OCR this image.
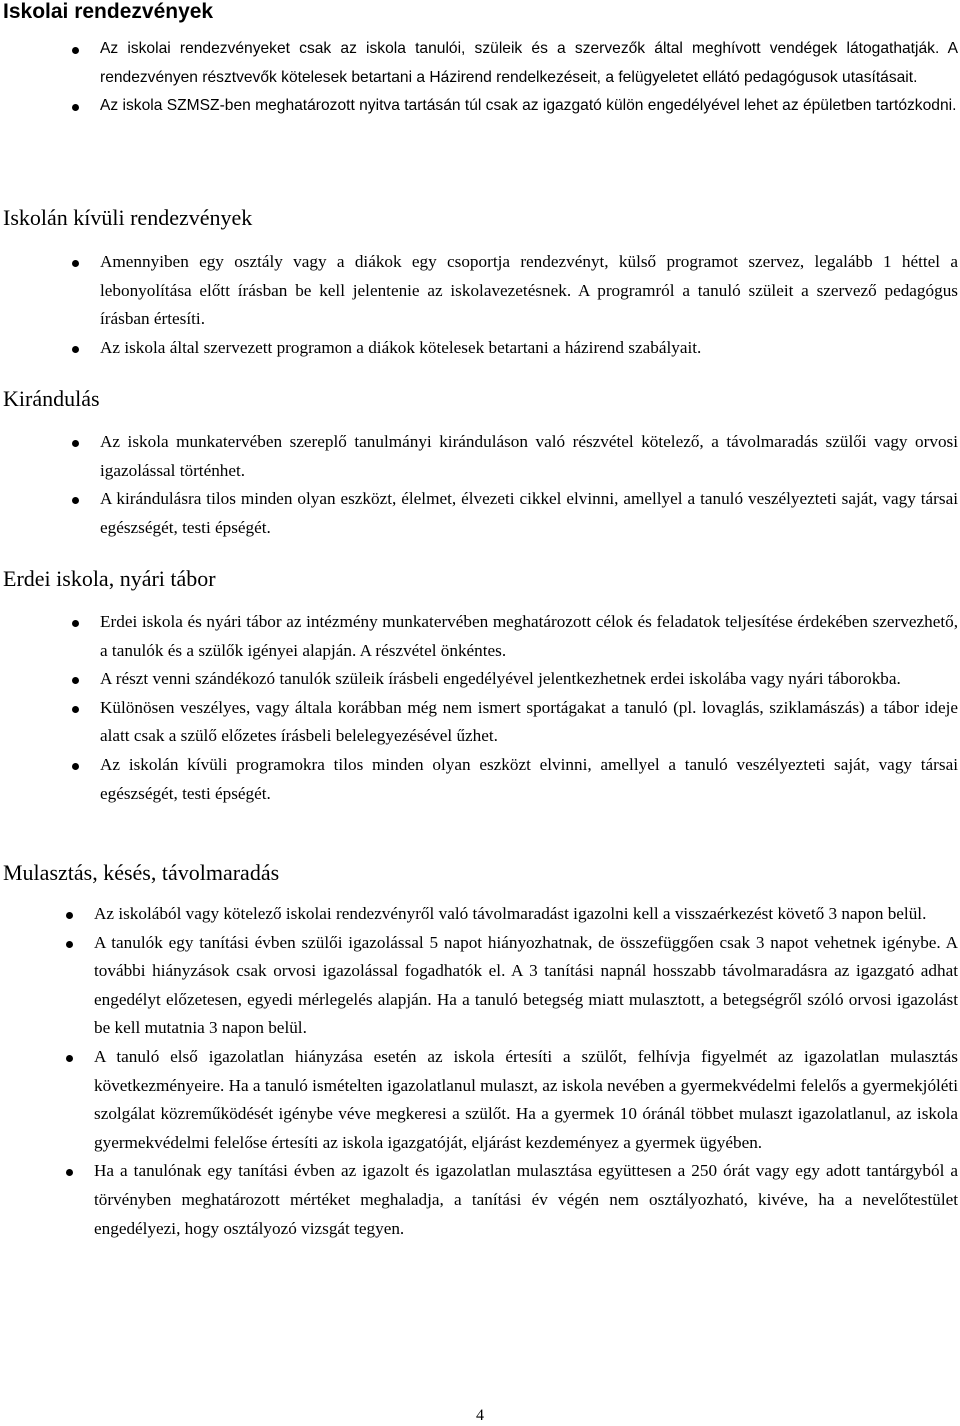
Iskolai rendezvények
Az iskolai rendezvényeket csak az iskola tanulói, szüleik és a szervezők által meghívott vendégek látogathatják. A rendezvényen résztvevők kötelesek betartani a Házirend rendelkezéseit, a felügyeletet ellátó pedagógusok utasításait.
Az iskola SZMSZ-ben meghatározott nyitva tartásán túl csak az igazgató külön engedélyével lehet az épületben tartózkodni.
Iskolán kívüli rendezvények
Amennyiben egy osztály vagy a diákok egy csoportja rendezvényt, külső programot szervez, legalább 1 héttel a lebonyolítása előtt írásban be kell jelentenie az iskolavezetésnek. A programról a tanuló szüleit a szervező pedagógus írásban értesíti.
Az iskola által szervezett programon a diákok kötelesek betartani a házirend szabályait.
Kirándulás
Az iskola munkatervében szereplő tanulmányi kiránduláson való részvétel kötelező, a távolmaradás szülői vagy orvosi igazolással történhet.
A kirándulásra tilos minden olyan eszközt, élelmet, élvezeti cikkel elvinni, amellyel a tanuló veszélyezteti saját, vagy társai egészségét, testi épségét.
Erdei iskola, nyári tábor
Erdei iskola és nyári tábor az intézmény munkatervében meghatározott célok és feladatok teljesítése érdekében szervezhető, a tanulók és a szülők igényei alapján. A részvétel önkéntes.
A részt venni szándékozó tanulók szüleik írásbeli engedélyével jelentkezhetnek erdei iskolába vagy nyári táborokba.
Különösen veszélyes, vagy általa korábban még nem ismert sportágakat a tanuló (pl. lovaglás, sziklamászás) a tábor ideje alatt csak a szülő előzetes írásbeli belelegyezésével űzhet.
Az iskolán kívüli programokra tilos minden olyan eszközt elvinni, amellyel a tanuló veszélyezteti saját, vagy társai egészségét, testi épségét.
Mulasztás, késés, távolmaradás
Az iskolából vagy kötelező iskolai rendezvényről való távolmaradást igazolni kell a visszaérkezést követő 3 napon belül.
A tanulók egy tanítási évben szülői igazolással 5 napot hiányozhatnak, de összefüggően csak 3 napot vehetnek igénybe. A további hiányzások csak orvosi igazolással fogadhatók el. A 3 tanítási napnál hosszabb távolmaradásra az igazgató adhat engedélyt előzetesen, egyedi mérlegelés alapján. Ha a tanuló betegség miatt mulasztott, a betegségről szóló orvosi igazolást be kell mutatnia 3 napon belül.
A tanuló első igazolatlan hiányzása esetén az iskola értesíti a szülőt, felhívja figyelmét az igazolatlan mulasztás következményeire. Ha a tanuló ismételten igazolatlanul mulaszt, az iskola nevében a gyermekvédelmi felelős a gyermekjóléti szolgálat közreműködését igénybe véve megkeresi a szülőt. Ha a gyermek 10 óránál többet mulaszt igazolatlanul, az iskola gyermekvédelmi felelőse értesíti az iskola igazgatóját, eljárást kezdeményez a gyermek ügyében.
Ha a tanulónak egy tanítási évben az igazolt és igazolatlan mulasztása együttesen a 250 órát vagy egy adott tantárgyból a törvényben meghatározott mértéket meghaladja, a tanítási év végén nem osztályozható, kivéve, ha a nevelőtestület engedélyezi, hogy osztályozó vizsgát tegyen.
4
